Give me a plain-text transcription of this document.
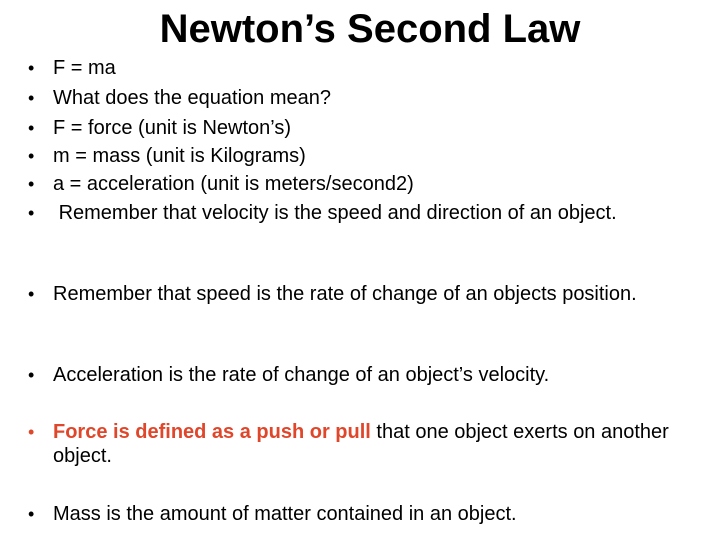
Newton’s Second Law
• F = ma
• What does the equation mean?
• F = force (unit is Newton’s)
• m = mass (unit is Kilograms)
• a = acceleration (unit is meters/second2)
• Remember that velocity is the speed and direction of an object.
• Remember that speed is the rate of change of an objects position.
• Acceleration is the rate of change of an object’s velocity.
• Force is defined as a push or pull that one object exerts on another object.
• Mass is the amount of matter contained in an object.
